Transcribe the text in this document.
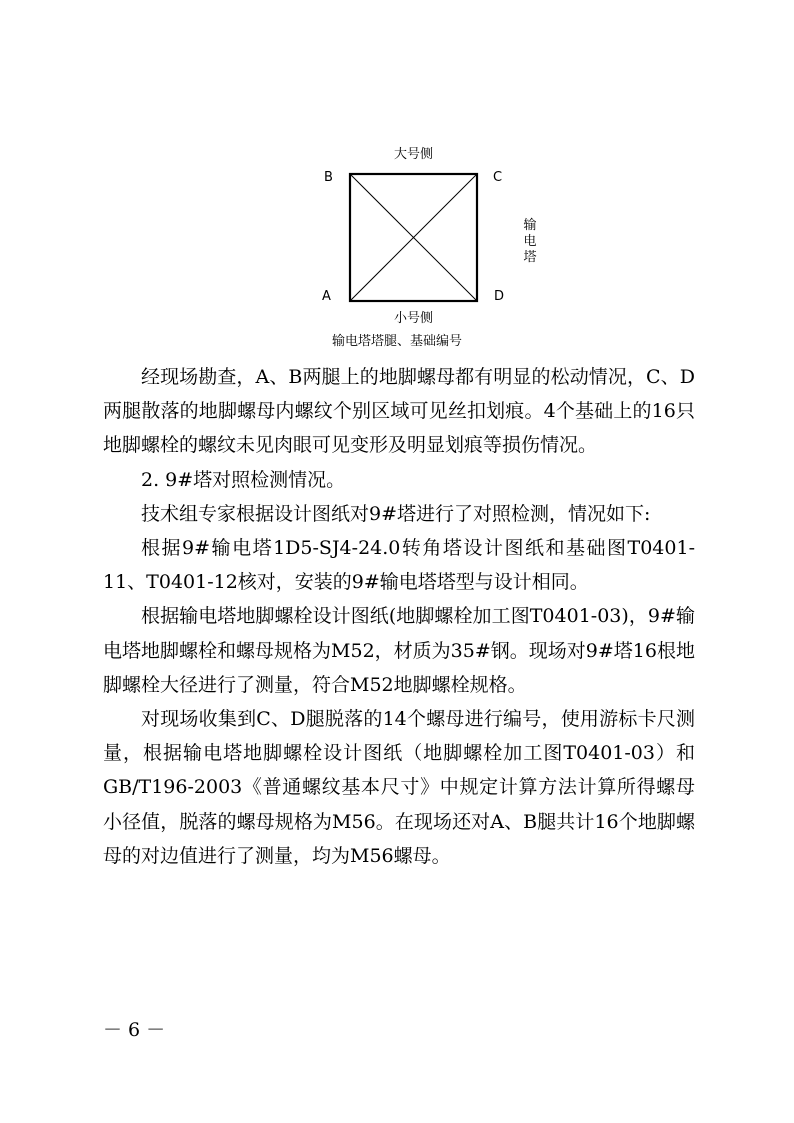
大号侧
B	C
A	D
小号侧
输电塔
输电塔塔腿、基础编号

经现场勘查，A、B两腿上的地脚螺母都有明显的松动情况，C、D两腿散落的地脚螺母内螺纹个别区域可见丝扣划痕。4个基础上的16只地脚螺栓的螺纹未见肉眼可见变形及明显划痕等损伤情况。

2. 9#塔对照检测情况。

技术组专家根据设计图纸对9#塔进行了对照检测，情况如下:

根据9#输电塔1D5-SJ4-24.0转角塔设计图纸和基础图T0401-11、T0401-12核对，安装的9#输电塔塔型与设计相同。

根据输电塔地脚螺栓设计图纸(地脚螺栓加工图T0401-03)，9#输电塔地脚螺栓和螺母规格为M52，材质为35#钢。现场对9#塔16根地脚螺栓大径进行了测量，符合M52地脚螺栓规格。

对现场收集到C、D腿脱落的14个螺母进行编号，使用游标卡尺测量，根据输电塔地脚螺栓设计图纸（地脚螺栓加工图T0401-03）和GB/T196-2003《普通螺纹基本尺寸》中规定计算方法计算所得螺母小径值，脱落的螺母规格为M56。在现场还对A、B腿共计16个地脚螺母的对边值进行了测量，均为M56螺母。

－ 6 －
